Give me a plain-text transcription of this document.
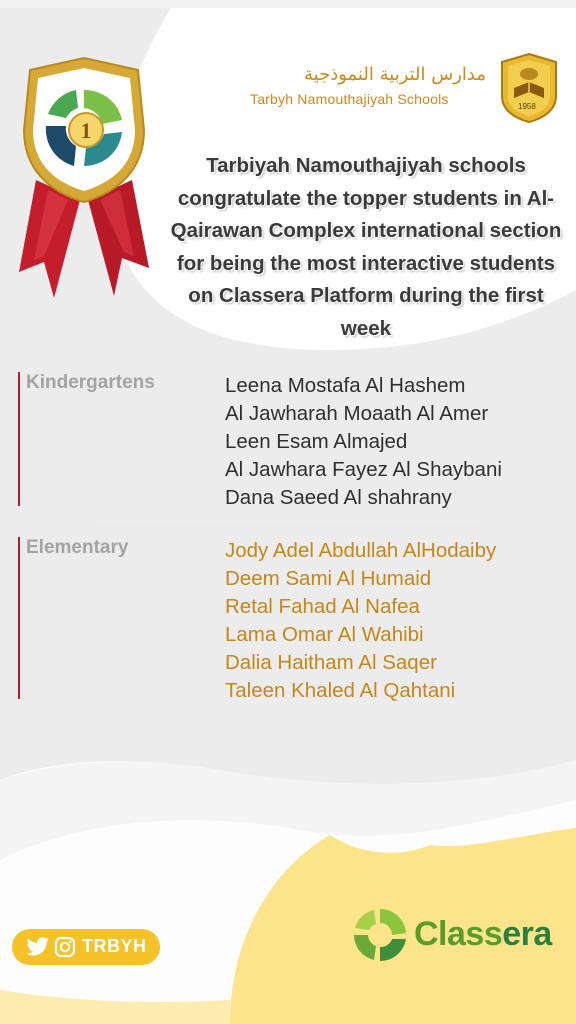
1
مدارس التربية النموذجية
Tarbyh Namouthajiyah Schools	1958
Tarbiyah Namouthajiyah schools congratulate the topper students in Al-Qairawan Complex international section for being the most interactive students on Classera Platform during the first week
Kindergartens	Leena Mostafa Al Hashem
Al Jawharah Moaath Al Amer
Leen Esam Almajed
Al Jawhara Fayez Al Shaybani
Dana Saeed Al shahrany
Elementary	Jody Adel Abdullah AlHodaiby
Deem Sami Al Humaid
Retal Fahad Al Nafea
Lama Omar Al Wahibi
Dalia Haitham Al Saqer
Taleen Khaled Al Qahtani
TRBYH	Classera
